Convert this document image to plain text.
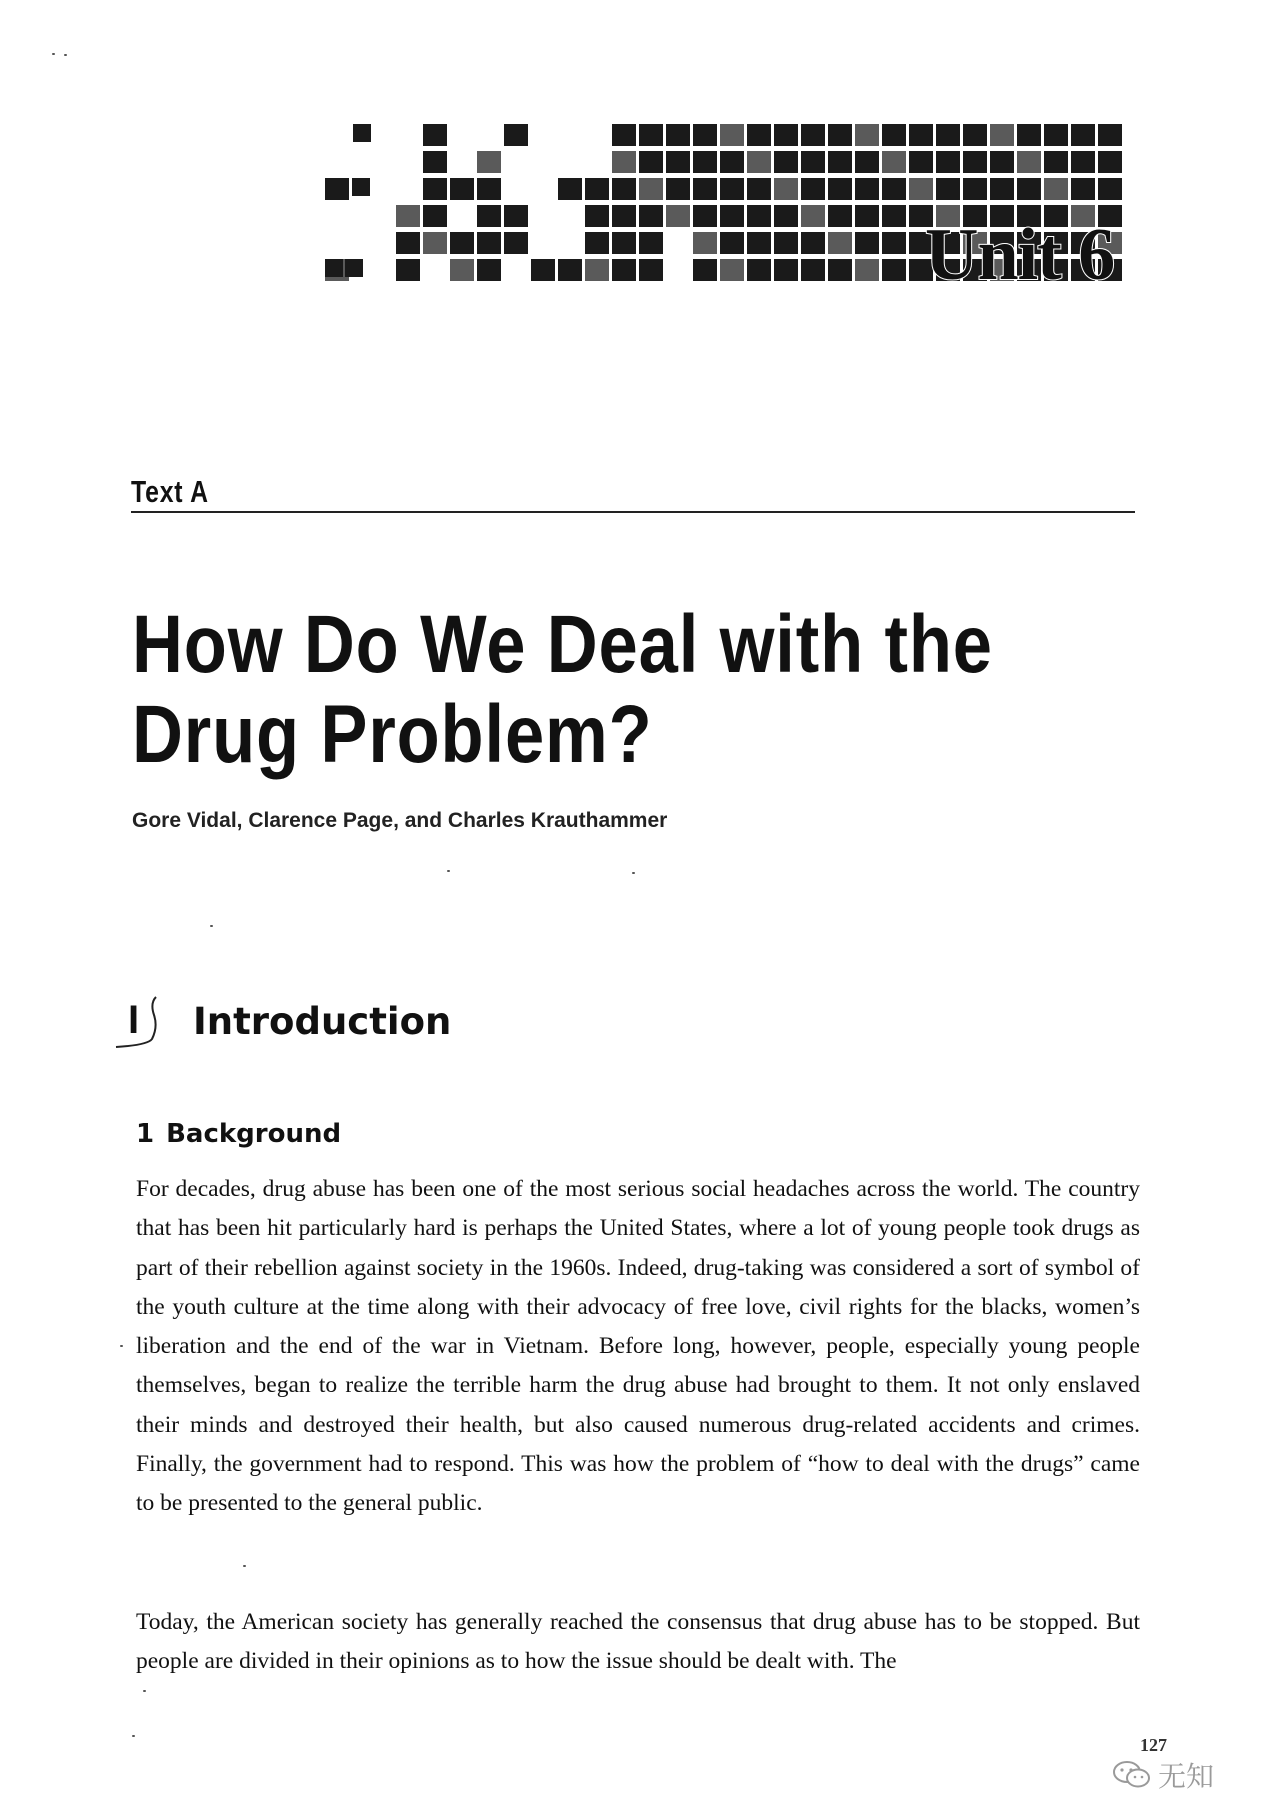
Unit 6
Text A
How Do We Deal with the
Drug Problem?
Gore Vidal, Clarence Page, and Charles Krauthammer
I Introduction
1 Background
For decades, drug abuse has been one of the most serious social headaches across the world. The country that has been hit particularly hard is perhaps the United States, where a lot of young people took drugs as part of their rebellion against society in the 1960s. Indeed, drug-taking was considered a sort of symbol of the youth culture at the time along with their advocacy of free love, civil rights for the blacks, women’s liberation and the end of the war in Vietnam. Before long, however, people, especially young people themselves, began to realize the terrible harm the drug abuse had brought to them. It not only enslaved their minds and destroyed their health, but also caused numerous drug-related accidents and crimes. Finally, the government had to respond. This was how the problem of “how to deal with the drugs” came to be presented to the general public.
Today, the American society has generally reached the consensus that drug abuse has to be stopped. But people are divided in their opinions as to how the issue should be dealt with. The
127
无知
